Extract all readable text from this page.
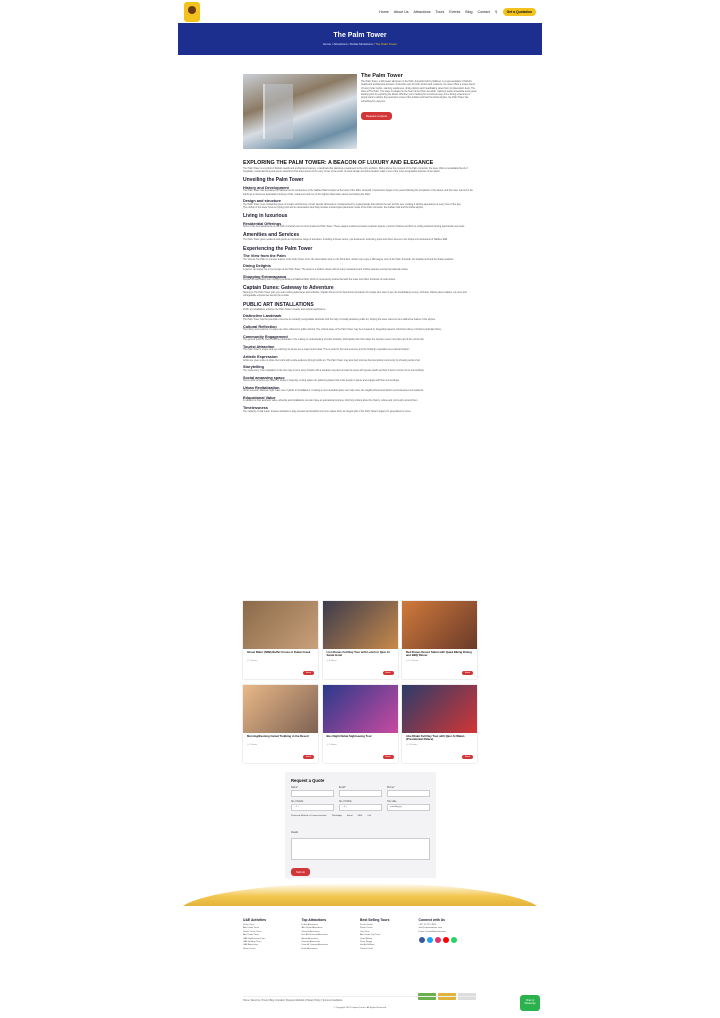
Home About Us Attractions Tours Events Blog Contact ⚲	Get a Quotation
The Palm Tower
Home / Attractions / Dubai Attractions / The Palm Tower
The Palm Tower

The Palm Tower, a 240-meter tall tower on the Palm Jumeirah built by Nakheel, is a representation of Dubai's wealth and architectural prowess. A favourite spot for both visitors and residents, the tower offers a unique blend of luxury hotel rooms, stunning residences, dining options and breathtaking views from its observation deck, The View at The Palm. The tower is situated in the heart of the Palm Jumeirah, making it easily accessible and a great starting point for exploring the island. Whether you're looking for a luxurious stay, a fine dining experience or simply want to admire the panoramic views of the Arabian Gulf and the Dubai skyline, the Palm Tower has something for everyone.

Request a Quote
EXPLORING THE PALM TOWER: A BEACON OF LUXURY AND ELEGANCE

The Palm Tower is a symbol of Dubai's wealth and architectural mastery, a landmark that stands as a testament to the city's ambition. Rising above the crescent of the Palm Jumeirah, the tower offers a remarkable blend of hospitality, residential living and leisure attractions that draw visitors from every corner of the world. Its sleek design and prime location make it one of the most recognisable features of the island.

Unveiling the Palm Tower
History and Development

The Palm Tower was developed by Nakheel as the centrepiece of the Nakheel Mall complex at the heart of the Palm Jumeirah. Construction began in the years following the completion of the island, and the tower opened to the public as a mixed-use destination housing a hotel, residences and one of the highest observation decks overlooking the Palm.

Design and structure

The Palm Tower is an outstanding piece of modern architecture. Its tall, slender silhouette is complemented by a glass facade that reflects the sun and the sea, creating a striking appearance at every hour of the day.

The rooftop of the tower hosts an infinity pool and an observation deck that provides uninterrupted panoramic views of the Palm Jumeirah, the Arabian Gulf and the Dubai skyline.

Living in luxurious
Residential Offerings

Some of the best apartments on the Palm Jumeirah can be found inside the Palm Tower. These elegant residences feature spacious layouts, premium finishes and floor-to-ceiling windows framing spectacular sea views.

Amenities and Services

The Palm Tower gives residents and guests an impressive range of amenities, including a fitness centre, spa treatments, swimming pools and direct access to the shops and restaurants of Nakheel Mall.

Experiencing the Palm Tower
The View from the Palm

The View at The Palm is a unique feature of the Palm Tower. From the observation deck on the 52nd floor, visitors can enjoy a 360-degree view of the Palm Jumeirah, the Arabian Gulf and the Dubai coastline.

Dining Delights

A person can satisfy his or her hunger at the Palm Tower. The tower is a foodie's dream with its many restaurants and rooftop eateries serving international cuisine.

Shopping Extravaganza

People can also satisfy their shopping ambitions at Nakheel Mall, which is conveniently located beneath the tower and offers hundreds of retail outlets.

Captain Dunes: Gateway to Adventure

Staying at The Palm Tower puts you near exciting adventures and activities. Captain Dunes is the ideal travel companion for people who want to see the breathtaking scenery of Dubai, offering desert safaris, city tours and unforgettable experiences across the emirate.

PUBLIC ART INSTALLATIONS

Public art installations enhance the Palm Tower's beauty and cultural significance.

Distinctive Landmark

The Palm Tower has the potential to become an instantly recognisable landmark with the help of visually attractive public art, helping the tower stand out as a distinctive feature of the skyline.

Cultural Reflection

The history and customs of a place are often reflected in public artwork. The cultural value of the Palm Tower may be increased by integrating aspects of Emirati culture or Dubai's particular history.

Community Engagement

The general public is often invited to participate in the making or understanding of public artworks. Participation like this makes the structure seem more like part of the community.

Tourist Attraction

The Palm Tower's unique and eye-catching art pieces are a major tourist draw. This is great for the local economy and the building's reputation as a cultural hotspot.

Artistic Expression

Artists are given a site to share their work with a wide audience through public art. The Palm Tower may also help promote the local artistic community by showing works of art.

Storytelling

The visual story of an installation is the best way to tell a story. Artwork with a narrative may also provide the tower with greater depth and help it better connect to its surroundings.

Social amassing space

Some public artworks are meant for sitting or lingering, turning space into gathering places that invite people to pause and engage with their surroundings.

Urban Revitalization

Urban renewal initiatives might make use of public art installations. Creating a more desirable space can help revive the neighbourhood and attract new businesses and residents.

Educational Value

In addition to their aesthetic value, artworks and installations can also have an educational purpose, informing visitors about the history, culture and community around them.

Timelessness

The capacity of well-made, timeless artworks to stay relevant and beautiful over time makes them an integral part of the Palm Tower's legacy for generations to come.

Ghost Rider (SRB) Buffet Cruise in Dubai Creek
◷ 2 Hours
Book
Lion Dunes Full Day Tour with Lunch in Qasr Al Sarab Hotel
◷ 8 Hours
Book
Red Dunes Desert Safari with Quad Biking Dining and BBQ Dinner
◷ 6-7 Hours
Book
Morning/Evening Camel Trekking in the Desert
◷ 2 Hours
Book
Bus Night Dubai Sightseeing Tour
◷ 3 Hours
Book
Abu Dhabi Full Day Tour with Qasr Al Watan (Presidential Palace)
◷ 10 Hours
Book
Request a Quote
Name*	Email*	Phone*
No of Adults
− 1 +
No of Childs
− 0 +
Tour date
mm/dd/yyyy
Preferred Method of Communication: WhatsApp Email SMS Call
Details
Submit
UAE Activities
Dubai Tours
Abu Dhabi Tours
Dubai Cruise Tours
Abu Dhabi Tours
UAE Sightseeing Tours
UAE Holiday Tours
UAE Attractions
Dhow Cruise
Top Attractions
Dubai Attractions
Abu Dhabi Attractions
Sharjah Attractions
Ras Al Khaimah Attractions
Ajman Attractions
Fujairah Attractions
Umm Al Quwain Attractions
Hatta Attractions
Best Selling Tours
Desert Safari
Dhow Cruise
City Tours
Abu Dhabi City Tours
Quad Biking
Dune Buggy
Hot Air Balloon
Theme Parks
Connect with Us
+971 55 372 4805
info@captaindunes.com
Dubai, United Arab Emirates
Home | About Us | Tours | Blog | Contact | Payment Methods | Privacy Policy | Terms & Conditions
© Copyright 2024 Captain Dunes. All Rights Reserved.
Chat on WhatsApp
